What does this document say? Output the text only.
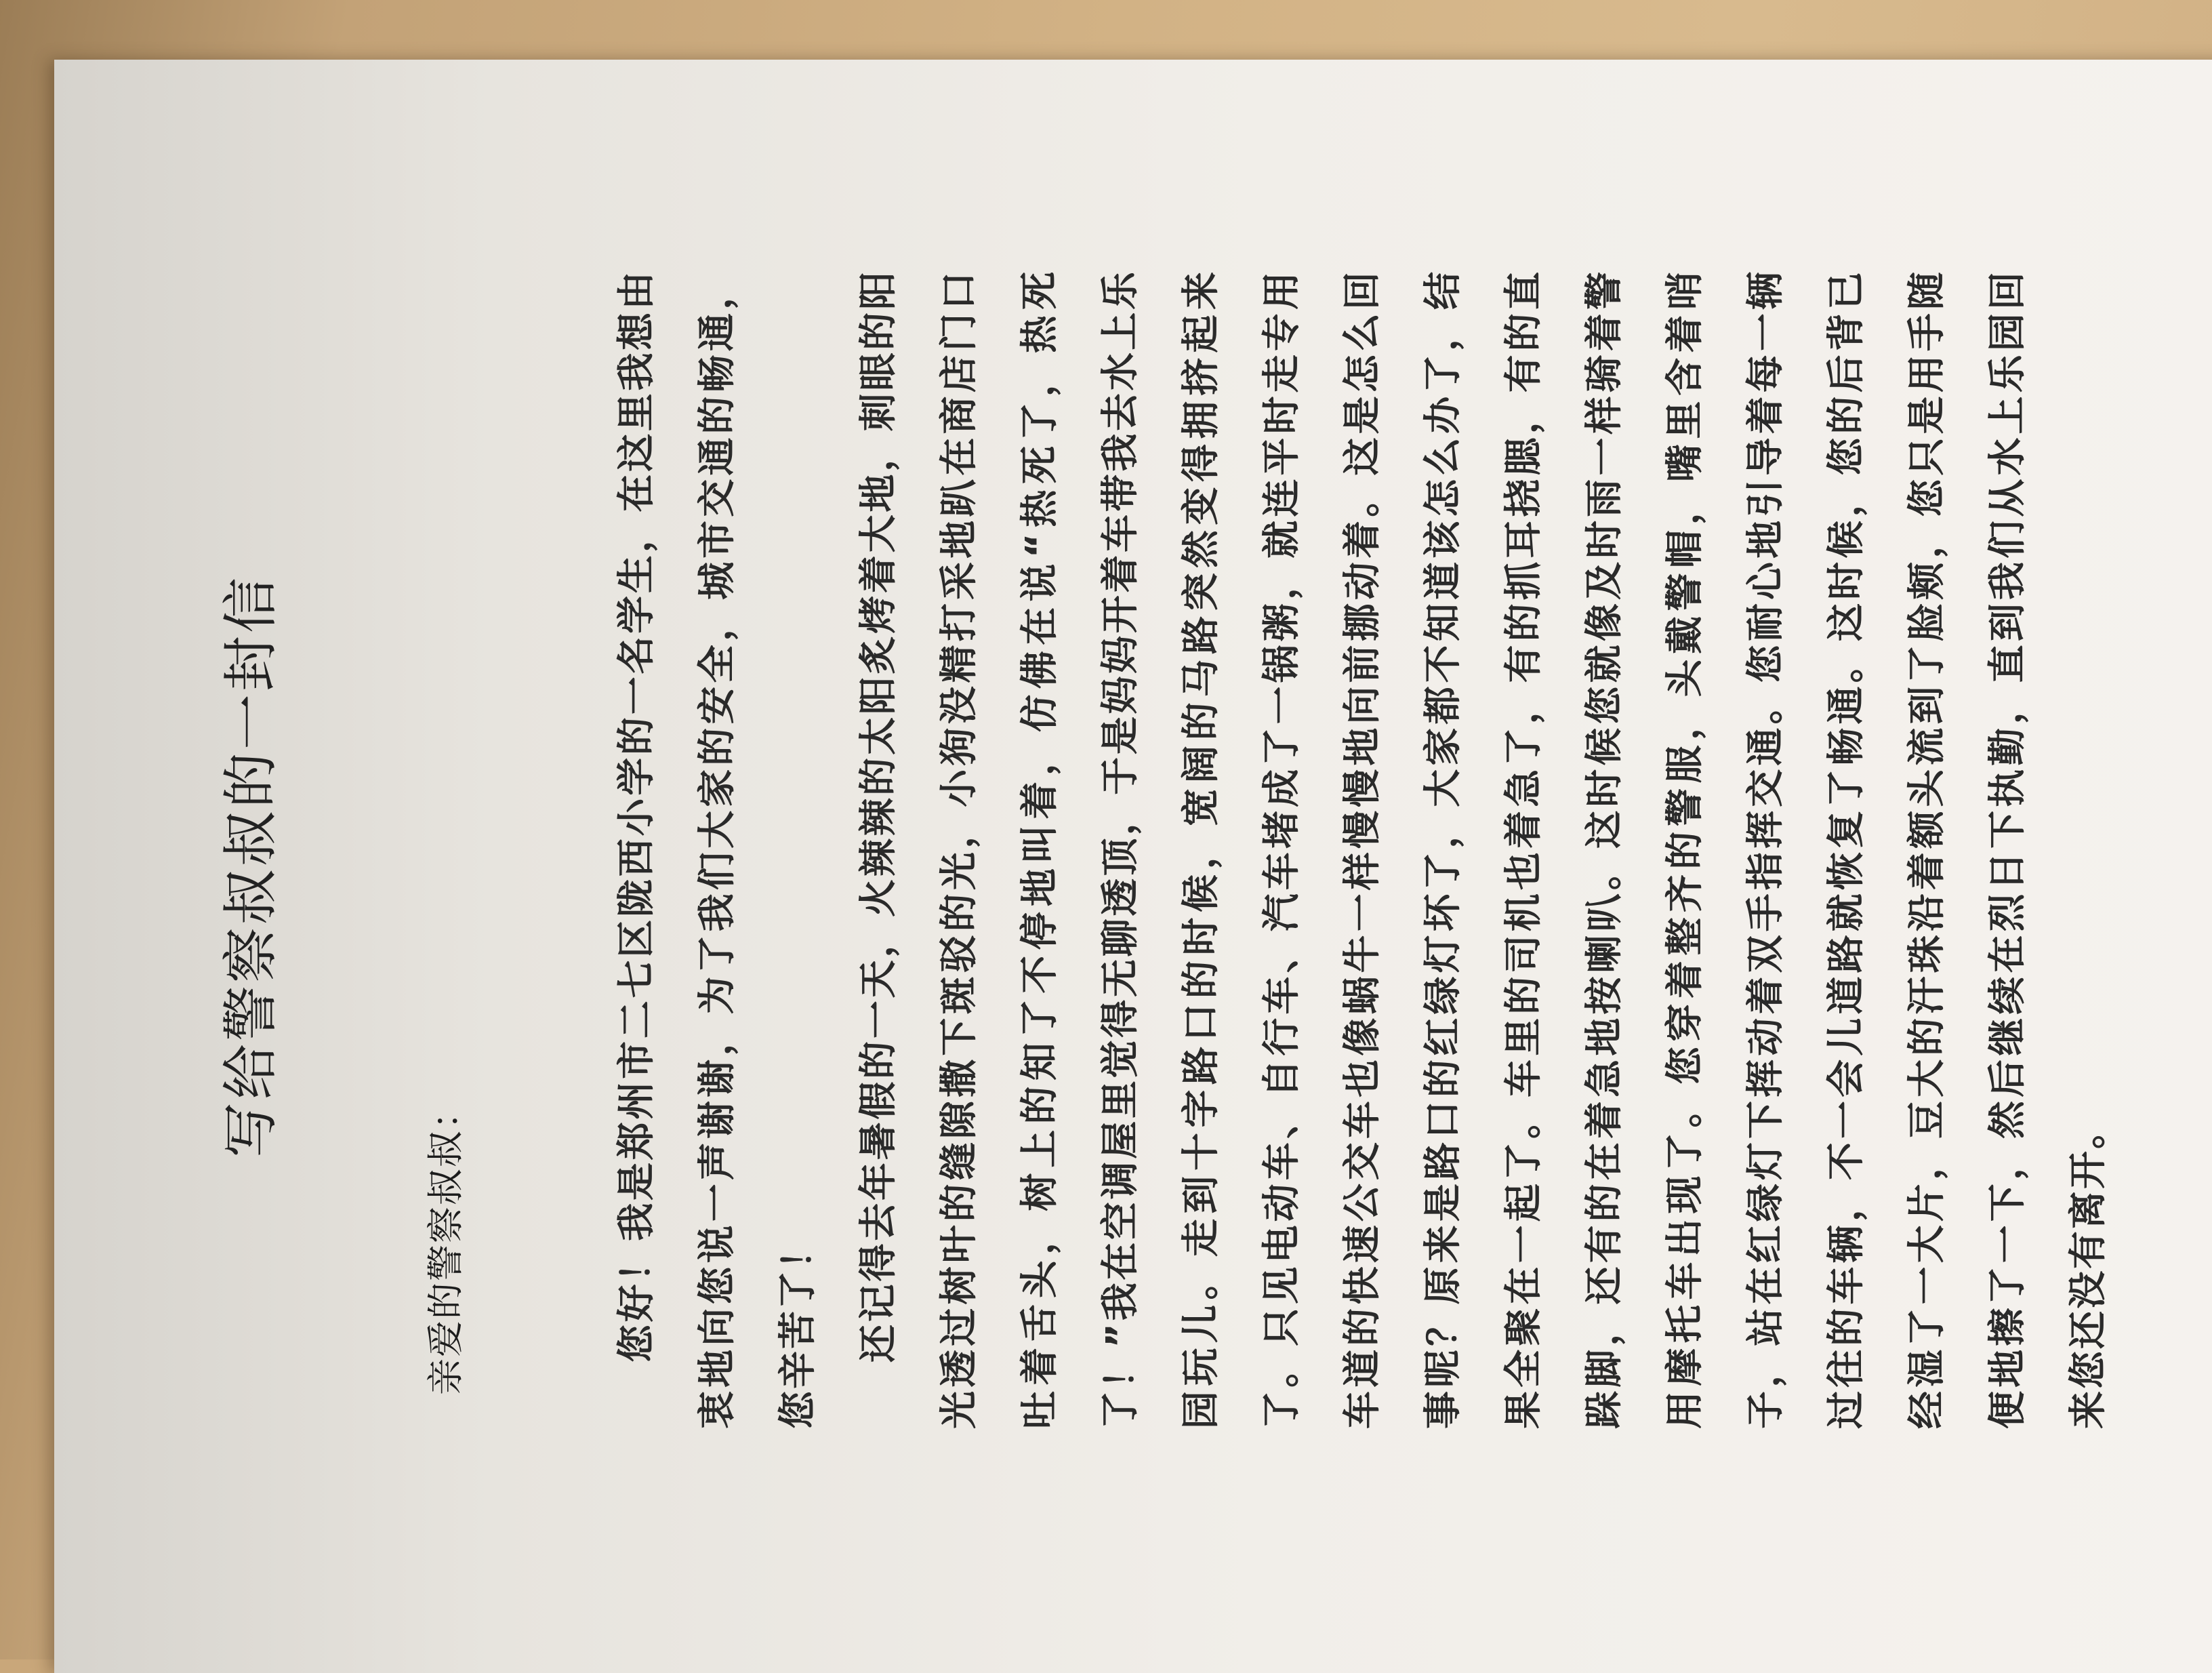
写给警察叔叔的一封信

亲爱的警察叔叔：	您好！我是郑州市二七区陇西小学的一名学生，在这里我想由衷地向您说一声谢谢，为了我们大家的安全，城市交通的畅通，您辛苦了！ 还记得去年暑假的一天，火辣辣的太阳炙烤着大地，刺眼的阳光透过树叶的缝隙撒下斑驳的光，小狗没精打采地趴在商店门口吐着舌头，树上的知了不停地叫着，仿佛在说“热死了，热死了！”我在空调屋里觉得无聊透顶，于是妈妈开着车带我去水上乐园玩儿。走到十字路口的时候，宽阔的马路突然变得拥挤起来了。只见电动车、自行车、汽车堵成了一锅粥，就连平时走专用车道的快速公交车也像蜗牛一样慢慢地向前挪动着。这是怎么回事呢？原来是路口的红绿灯坏了，大家都不知道该怎么办了，结果全聚在一起了。车里的司机也着急了，有的抓耳挠腮，有的直跺脚，还有的在着急地按喇叭。这时候您就像及时雨一样骑着警用摩托车出现了。您穿着整齐的警服，头戴警帽，嘴里含着哨子，站在红绿灯下挥动着双手指挥交通。您耐心地引导着每一辆过往的车辆，不一会儿道路就恢复了畅通。这时候，您的后背已经湿了一大片，豆大的汗珠沿着额头流到了脸颊，您只是用手随便地擦了一下，然后继续在烈日下执勤，直到我们从水上乐园回来您还没有离开。
